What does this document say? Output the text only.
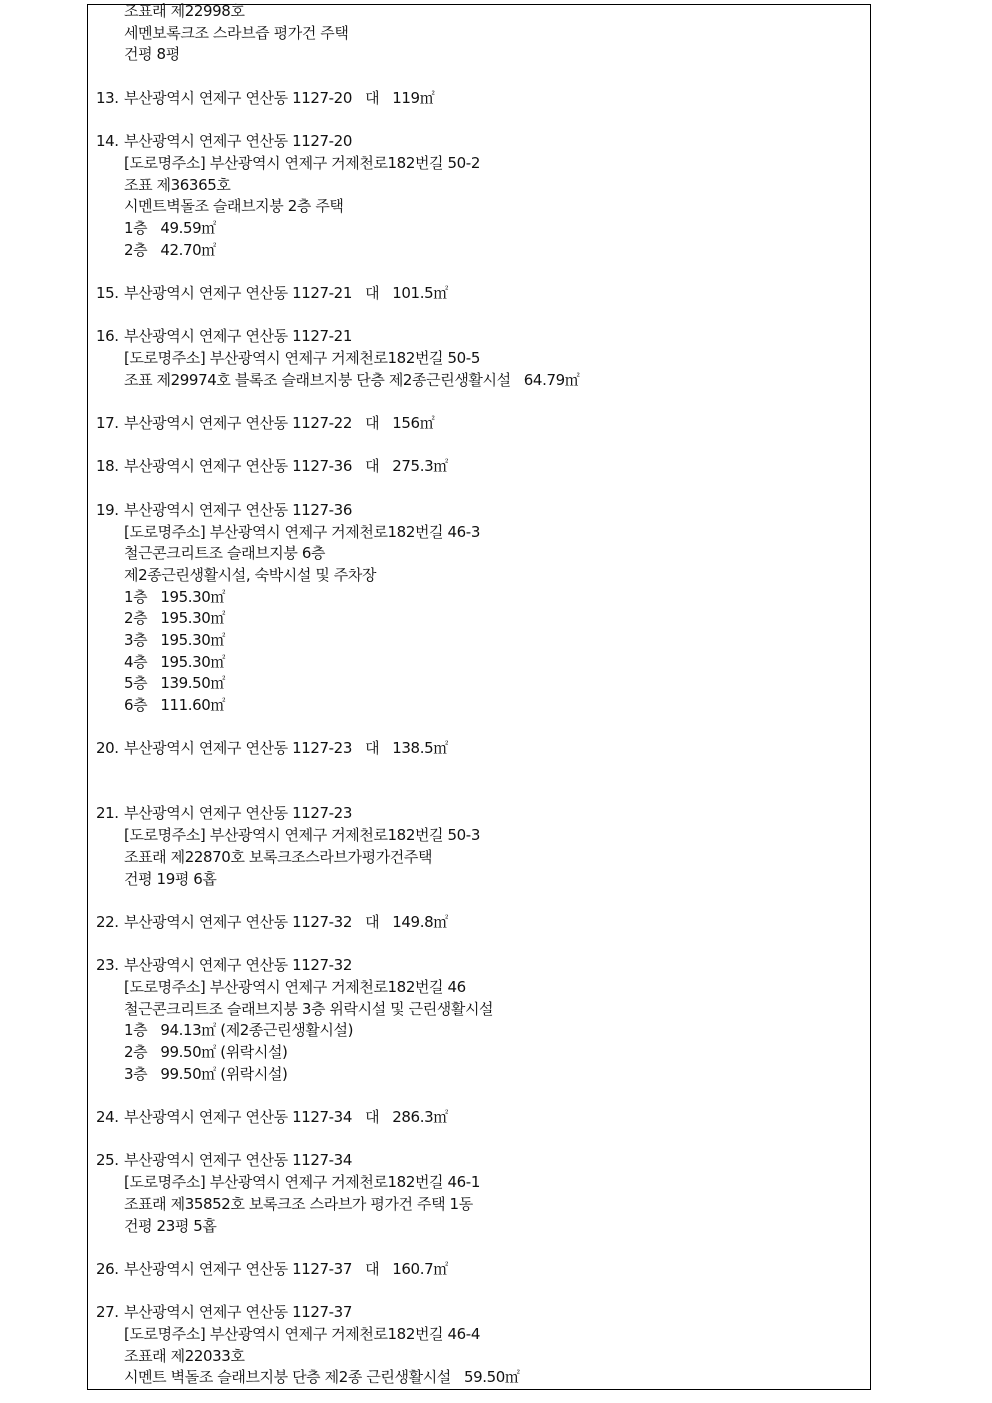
조표래 제22998호
세멘보록크조 스라브즙 평가건 주택
건평 8평
13. 부산광역시 연제구 연산동 1127-20   대   119㎡
14. 부산광역시 연제구 연산동 1127-20
[도로명주소] 부산광역시 연제구 거제천로182번길 50-2
조표 제36365호
시멘트벽돌조 슬래브지붕 2층 주택
1층   49.59㎡
2층   42.70㎡
15. 부산광역시 연제구 연산동 1127-21   대   101.5㎡
16. 부산광역시 연제구 연산동 1127-21
[도로명주소] 부산광역시 연제구 거제천로182번길 50-5
조표 제29974호 블록조 슬래브지붕 단층 제2종근린생활시설   64.79㎡
17. 부산광역시 연제구 연산동 1127-22   대   156㎡
18. 부산광역시 연제구 연산동 1127-36   대   275.3㎡
19. 부산광역시 연제구 연산동 1127-36
[도로명주소] 부산광역시 연제구 거제천로182번길 46-3
철근콘크리트조 슬래브지붕 6층
제2종근린생활시설, 숙박시설 및 주차장
1층   195.30㎡
2층   195.30㎡
3층   195.30㎡
4층   195.30㎡
5층   139.50㎡
6층   111.60㎡
20. 부산광역시 연제구 연산동 1127-23   대   138.5㎡
21. 부산광역시 연제구 연산동 1127-23
[도로명주소] 부산광역시 연제구 거제천로182번길 50-3
조표래 제22870호 보록크조스라브가평가건주택
건평 19평 6홉
22. 부산광역시 연제구 연산동 1127-32   대   149.8㎡
23. 부산광역시 연제구 연산동 1127-32
[도로명주소] 부산광역시 연제구 거제천로182번길 46
철근콘크리트조 슬래브지붕 3층 위락시설 및 근린생활시설
1층   94.13㎡ (제2종근린생활시설)
2층   99.50㎡ (위락시설)
3층   99.50㎡ (위락시설)
24. 부산광역시 연제구 연산동 1127-34   대   286.3㎡
25. 부산광역시 연제구 연산동 1127-34
[도로명주소] 부산광역시 연제구 거제천로182번길 46-1
조표래 제35852호 보록크조 스라브가 평가건 주택 1동
건평 23평 5홉
26. 부산광역시 연제구 연산동 1127-37   대   160.7㎡
27. 부산광역시 연제구 연산동 1127-37
[도로명주소] 부산광역시 연제구 거제천로182번길 46-4
조표래 제22033호
시멘트 벽돌조 슬래브지붕 단층 제2종 근린생활시설   59.50㎡
